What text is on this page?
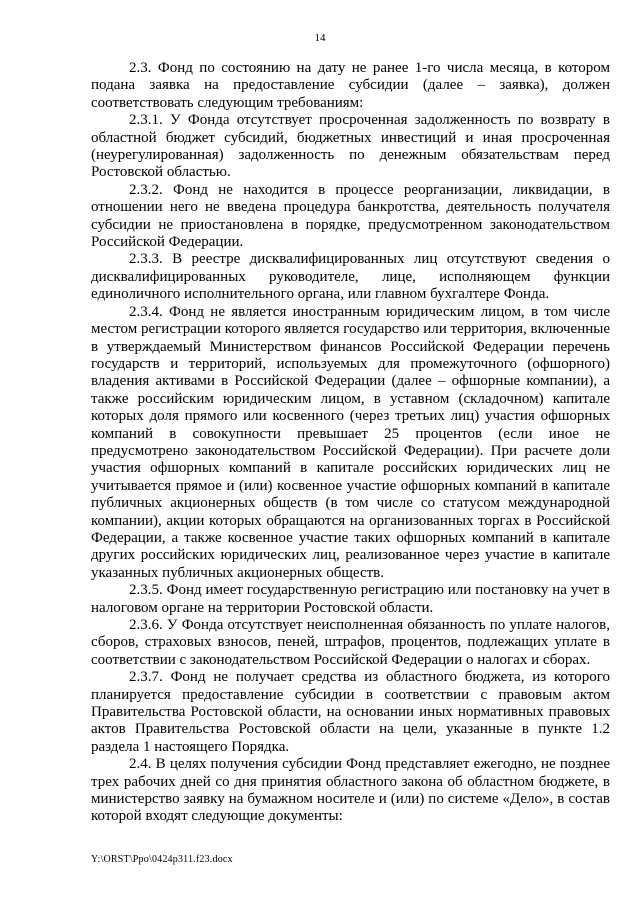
14

2.3. Фонд по состоянию на дату не ранее 1-го числа месяца, в котором подана заявка на предоставление субсидии (далее – заявка), должен соответствовать следующим требованиям:

2.3.1. У Фонда отсутствует просроченная задолженность по возврату в областной бюджет субсидий, бюджетных инвестиций и иная просроченная (неурегулированная) задолженность по денежным обязательствам перед Ростовской областью.

2.3.2. Фонд не находится в процессе реорганизации, ликвидации, в отношении него не введена процедура банкротства, деятельность получателя субсидии не приостановлена в порядке, предусмотренном законодательством Российской Федерации.

2.3.3. В реестре дисквалифицированных лиц отсутствуют сведения о дисквалифицированных руководителе, лице, исполняющем функции единоличного исполнительного органа, или главном бухгалтере Фонда.

2.3.4. Фонд не является иностранным юридическим лицом, в том числе местом регистрации которого является государство или территория, включенные в утверждаемый Министерством финансов Российской Федерации перечень государств и территорий, используемых для промежуточного (офшорного) владения активами в Российской Федерации (далее – офшорные компании), а также российским юридическим лицом, в уставном (складочном) капитале которых доля прямого или косвенного (через третьих лиц) участия офшорных компаний в совокупности превышает 25 процентов (если иное не предусмотрено законодательством Российской Федерации). При расчете доли участия офшорных компаний в капитале российских юридических лиц не учитывается прямое и (или) косвенное участие офшорных компаний в капитале публичных акционерных обществ (в том числе со статусом международной компании), акции которых обращаются на организованных торгах в Российской Федерации, а также косвенное участие таких офшорных компаний в капитале других российских юридических лиц, реализованное через участие в капитале указанных публичных акционерных обществ.

2.3.5. Фонд имеет государственную регистрацию или постановку на учет в налоговом органе на территории Ростовской области.

2.3.6. У Фонда отсутствует неисполненная обязанность по уплате налогов, сборов, страховых взносов, пеней, штрафов, процентов, подлежащих уплате в соответствии с законодательством Российской Федерации о налогах и сборах.

2.3.7. Фонд не получает средства из областного бюджета, из которого планируется предоставление субсидии в соответствии с правовым актом Правительства Ростовской области, на основании иных нормативных правовых актов Правительства Ростовской области на цели, указанные в пункте 1.2 раздела 1 настоящего Порядка.

2.4. В целях получения субсидии Фонд представляет ежегодно, не позднее трех рабочих дней со дня принятия областного закона об областном бюджете, в министерство заявку на бумажном носителе и (или) по системе «Дело», в состав которой входят следующие документы:

Y:\ORST\Ppo\0424p311.f23.docx
